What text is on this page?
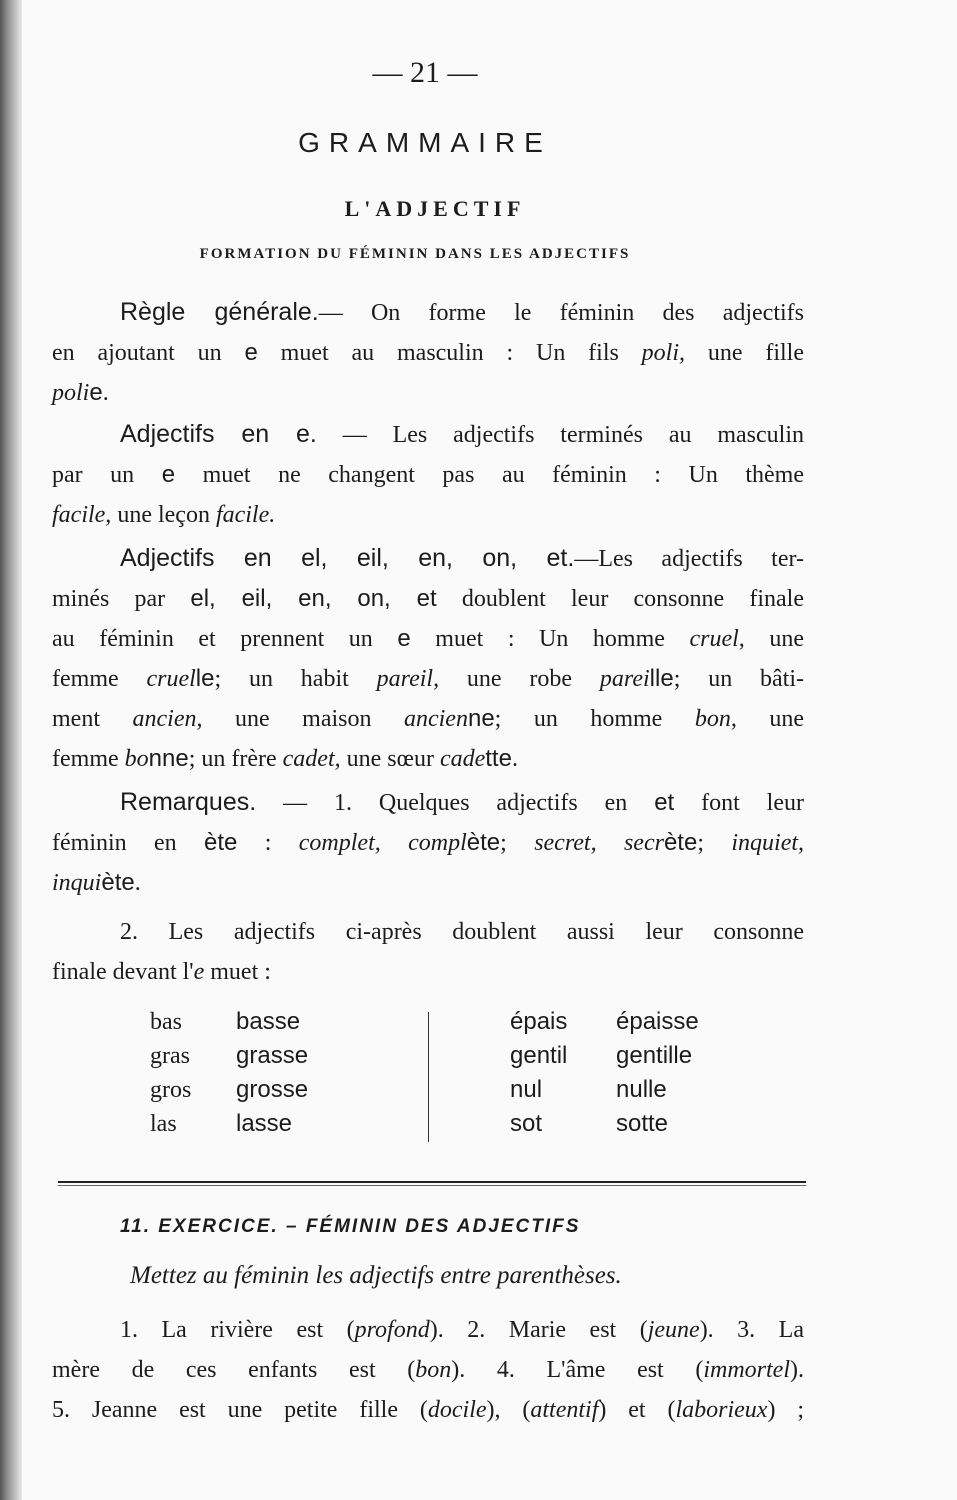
— 21 —
GRAMMAIRE
L'ADJECTIF
FORMATION DU FÉMININ DANS LES ADJECTIFS
Règle générale.— On forme le féminin des adjectifs
en ajoutant un e muet au masculin : Un fils poli, une fille
polie.
Adjectifs en e. — Les adjectifs terminés au masculin
par un e muet ne changent pas au féminin : Un thème
facile, une leçon facile.
Adjectifs en el, eil, en, on, et.—Les adjectifs ter-
minés par el, eil, en, on, et doublent leur consonne finale
au féminin et prennent un e muet : Un homme cruel, une
femme cruelle; un habit pareil, une robe pareille; un bâti-
ment ancien, une maison ancienne; un homme bon, une
femme bonne; un frère cadet, une sœur cadette.
Remarques. — 1. Quelques adjectifs en et font leur
féminin en ète : complet, complète; secret, secrète; inquiet,
inquiète.
2. Les adjectifs ci-après doublent aussi leur consonne
finale devant l'e muet :
bas
gras
gros
las
basse
grasse
grosse
lasse
épais
gentil
nul
sot
épaisse
gentille
nulle
sotte
11. EXERCICE. – FÉMININ DES ADJECTIFS
Mettez au féminin les adjectifs entre parenthèses.
1. La rivière est (profond). 2. Marie est (jeune). 3. La
mère de ces enfants est (bon). 4. L'âme est (immortel).
5. Jeanne est une petite fille (docile), (attentif) et (laborieux) ;
